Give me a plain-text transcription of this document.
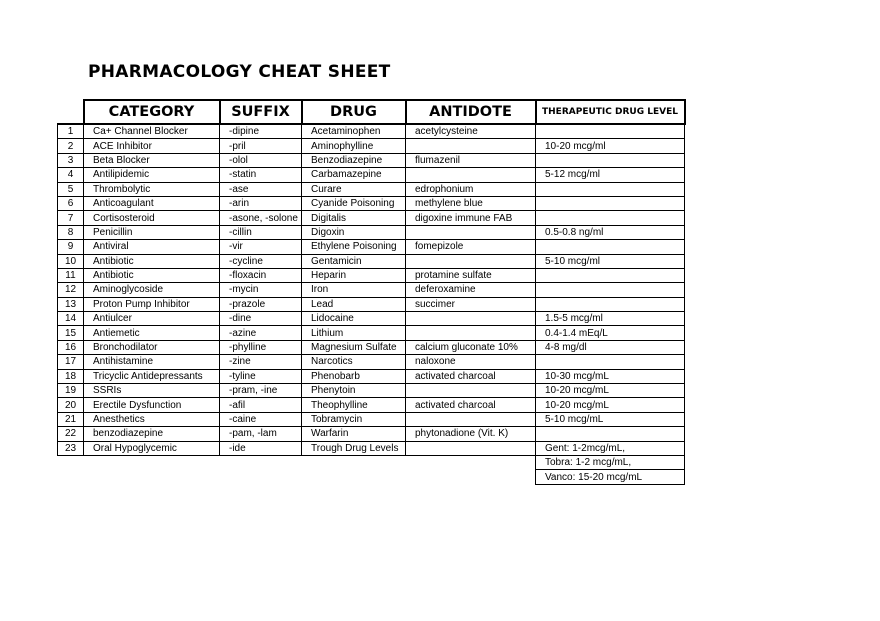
PHARMACOLOGY CHEAT SHEET
	CATEGORY	SUFFIX	DRUG	ANTIDOTE	THERAPEUTIC DRUG LEVEL
1	Ca+ Channel Blocker	-dipine	Acetaminophen	acetylcysteine	
2	ACE Inhibitor	-pril	Aminophylline		10-20 mcg/ml
3	Beta Blocker	-olol	Benzodiazepine	flumazenil	
4	Antilipidemic	-statin	Carbamazepine		5-12 mcg/ml
5	Thrombolytic	-ase	Curare	edrophonium	
6	Anticoagulant	-arin	Cyanide Poisoning	methylene blue	
7	Cortisosteroid	-asone, -solone	Digitalis	digoxine immune FAB	
8	Penicillin	-cillin	Digoxin		0.5-0.8 ng/ml
9	Antiviral	-vir	Ethylene Poisoning	fomepizole	
10	Antibiotic	-cycline	Gentamicin		5-10 mcg/ml
11	Antibiotic	-floxacin	Heparin	protamine sulfate	
12	Aminoglycoside	-mycin	Iron	deferoxamine	
13	Proton Pump Inhibitor	-prazole	Lead	succimer	
14	Antiulcer	-dine	Lidocaine		1.5-5 mcg/ml
15	Antiemetic	-azine	Lithium		0.4-1.4 mEq/L
16	Bronchodilator	-phylline	Magnesium Sulfate	calcium gluconate 10%	4-8 mg/dl
17	Antihistamine	-zine	Narcotics	naloxone	
18	Tricyclic Antidepressants	-tyline	Phenobarb	activated charcoal	10-30 mcg/mL
19	SSRIs	-pram, -ine	Phenytoin		10-20 mcg/mL
20	Erectile Dysfunction	-afil	Theophylline	activated charcoal	10-20 mcg/mL
21	Anesthetics	-caine	Tobramycin		5-10 mcg/mL
22	benzodiazepine	-pam, -lam	Warfarin	phytonadione (Vit. K)	
23	Oral Hypoglycemic	-ide	Trough Drug Levels		Gent: 1-2mcg/mL,
					Tobra: 1-2 mcg/mL,
					Vanco: 15-20 mcg/mL
